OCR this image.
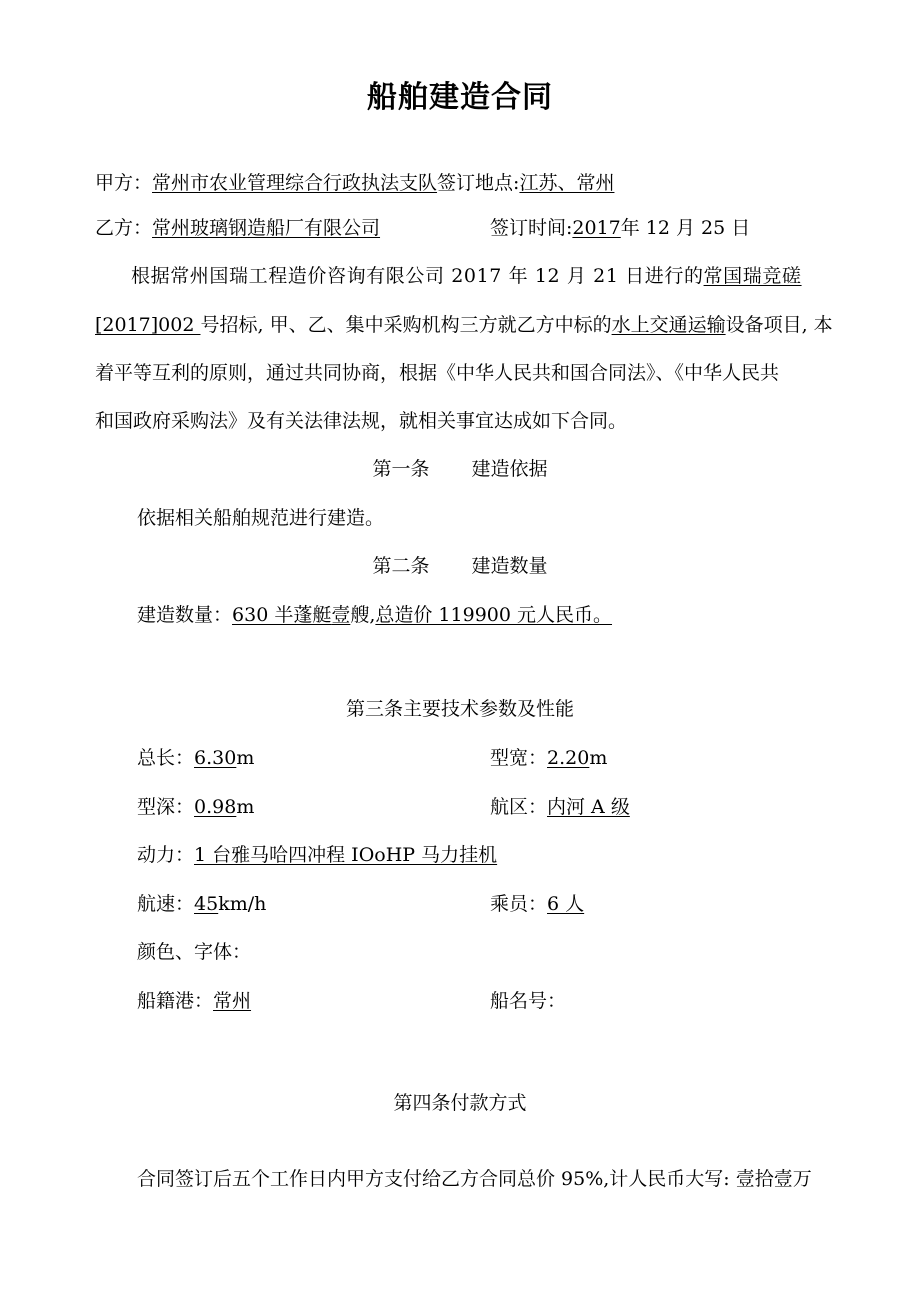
船舶建造合同
甲方：常州市农业管理综合行政执法支队签订地点:江苏、常州
乙方：常州玻璃钢造船厂有限公司	签订时间:2017年 12 月 25 日
根据常州国瑞工程造价咨询有限公司 2017 年 12 月 21 日进行的常国瑞竞磋
[2017]002 号招标, 甲、乙、集中采购机构三方就乙方中标的水上交通运输设备项目, 本
着平等互利的原则，通过共同协商，根据《中华人民共和国合同法》、《中华人民共
和国政府采购法》及有关法律法规，就相关事宜达成如下合同。
第一条 建造依据
依据相关船舶规范进行建造。
第二条 建造数量
建造数量：630 半蓬艇壹艘,总造价 119900 元人民币。
第三条主要技术参数及性能
总长：6.30m	型宽：2.20m
型深：0.98m	航区：内河 A 级
动力：1 台雅马哈四冲程 IOoHP 马力挂机
航速：45km/h	乘员：6 人
颜色、字体：
船籍港：常州	船名号：
第四条付款方式
合同签订后五个工作日内甲方支付给乙方合同总价 95%,计人民币大写: 壹拾壹万
